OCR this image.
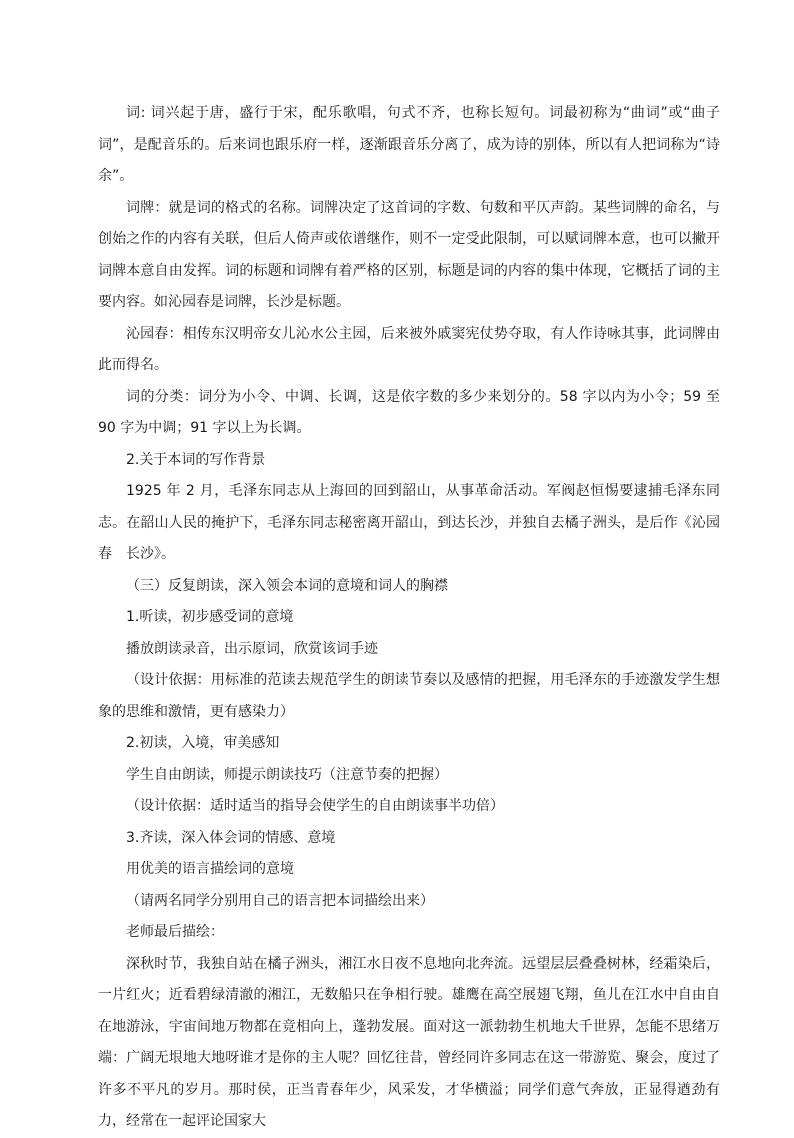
词: 词兴起于唐，盛行于宋，配乐歌唱，句式不齐，也称长短句。词最初称为“曲词”或“曲子词”，是配音乐的。后来词也跟乐府一样，逐渐跟音乐分离了，成为诗的别体，所以有人把词称为“诗余”。

词牌：就是词的格式的名称。词牌决定了这首词的字数、句数和平仄声韵。某些词牌的命名，与创始之作的内容有关联，但后人倚声或依谱继作，则不一定受此限制，可以赋词牌本意，也可以撇开词牌本意自由发挥。词的标题和词牌有着严格的区别，标题是词的内容的集中体现，它概括了词的主要内容。如沁园春是词牌，长沙是标题。

沁园春：相传东汉明帝女儿沁水公主园，后来被外戚窦宪仗势夺取，有人作诗咏其事，此词牌由此而得名。

词的分类：词分为小令、中调、长调，这是依字数的多少来划分的。58 字以内为小令；59 至 90 字为中调；91 字以上为长调。

2.关于本词的写作背景

1925 年 2 月，毛泽东同志从上海回的回到韶山，从事革命活动。军阀赵恒惕要逮捕毛泽东同志。在韶山人民的掩护下，毛泽东同志秘密离开韶山，到达长沙，并独自去橘子洲头，是后作《沁园春　长沙》。

（三）反复朗读，深入领会本词的意境和词人的胸襟

1.听读，初步感受词的意境

播放朗读录音，出示原词，欣赏该词手迹

（设计依据：用标准的范读去规范学生的朗读节奏以及感情的把握，用毛泽东的手迹激发学生想象的思维和激情，更有感染力）

2.初读，入境，审美感知

学生自由朗读，师提示朗读技巧（注意节奏的把握）

（设计依据：适时适当的指导会使学生的自由朗读事半功倍）

3.齐读，深入体会词的情感、意境

用优美的语言描绘词的意境

（请两名同学分别用自己的语言把本词描绘出来）

老师最后描绘：

深秋时节，我独自站在橘子洲头，湘江水日夜不息地向北奔流。远望层层叠叠树林，经霜染后，一片红火；近看碧绿清澈的湘江，无数船只在争相行驶。雄鹰在高空展翅飞翔，鱼儿在江水中自由自在地游泳，宇宙间地万物都在竞相向上，蓬勃发展。面对这一派勃勃生机地大千世界，怎能不思绪万端：广阔无垠地大地呀谁才是你的主人呢？回忆往昔，曾经同许多同志在这一带游览、聚会，度过了许多不平凡的岁月。那时侯，正当青春年少，风采发，才华横溢；同学们意气奔放，正显得遒劲有力，经常在一起评论国家大
